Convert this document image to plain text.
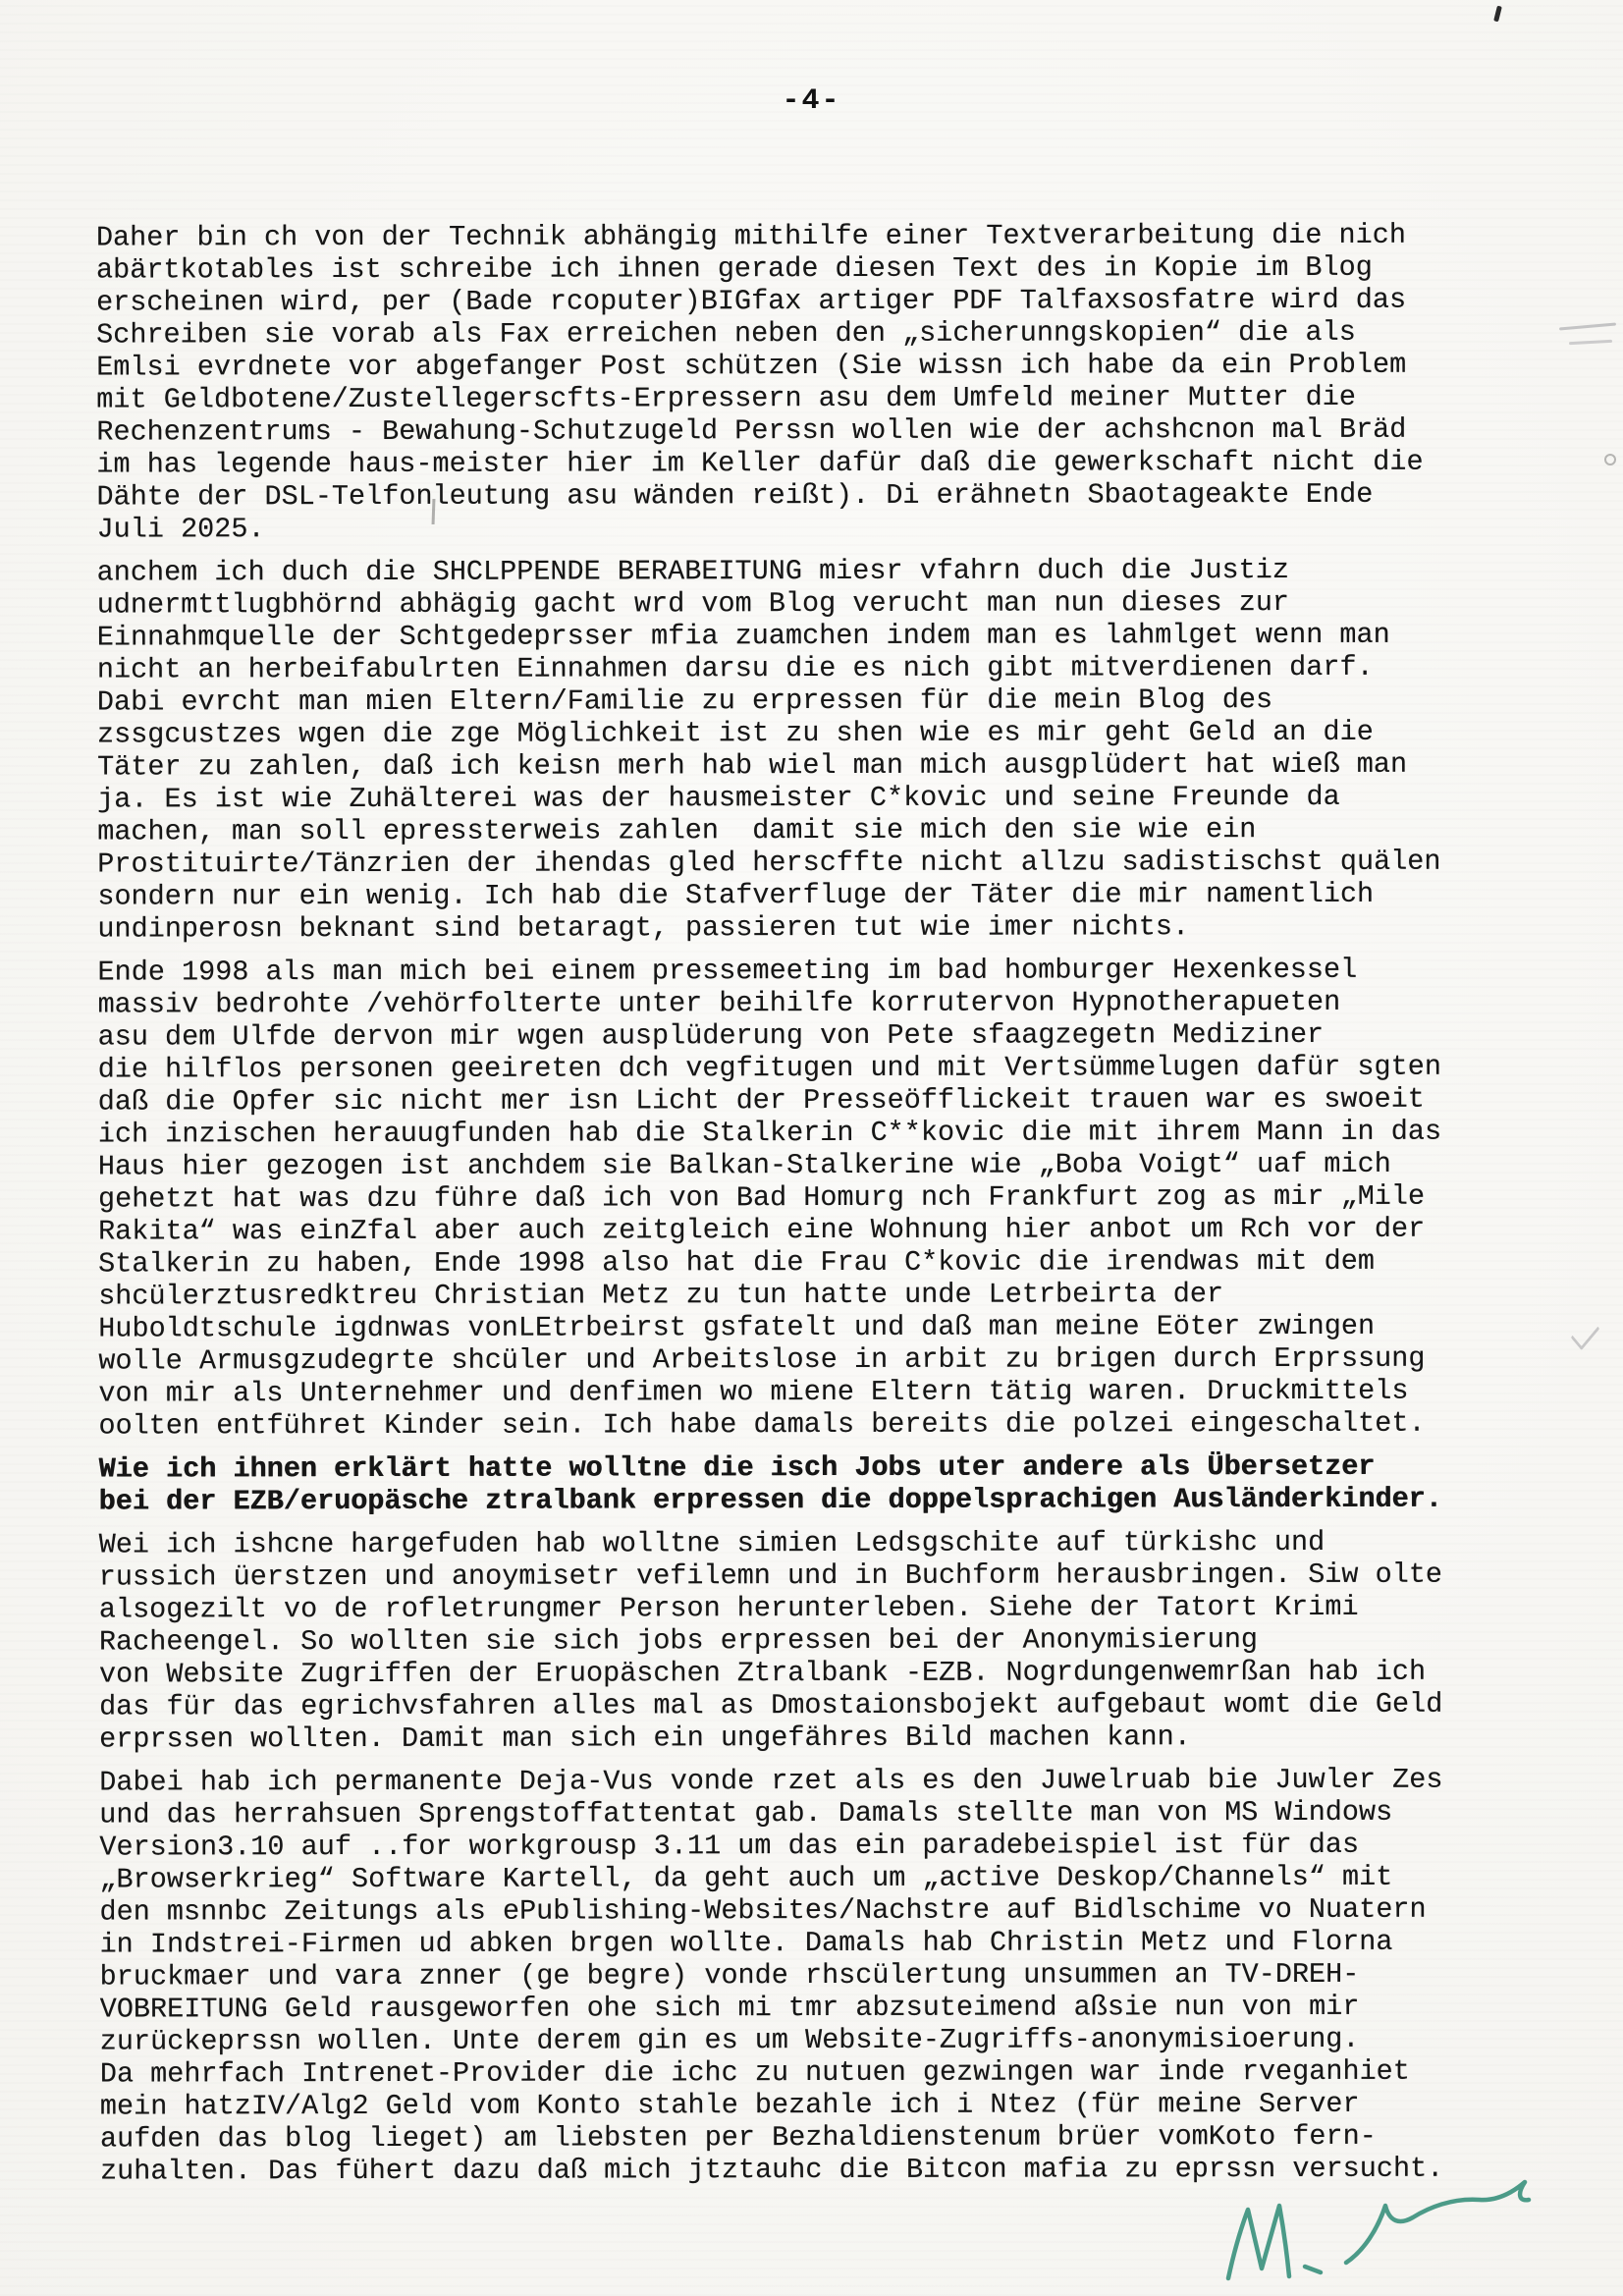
-4-

Daher bin ch von der Technik abhängig mithilfe einer Textverarbeitung die nich
abärtkotables ist schreibe ich ihnen gerade diesen Text des in Kopie im Blog
erscheinen wird, per (Bade rcoputer)BIGfax artiger PDF Talfaxsosfatre wird das
Schreiben sie vorab als Fax erreichen neben den „sicherunngskopien“ die als
Emlsi evrdnete vor abgefanger Post schützen (Sie wissn ich habe da ein Problem
mit Geldbotene/Zustellegerscfts-Erpressern asu dem Umfeld meiner Mutter die
Rechenzentrums - Bewahung-Schutzugeld Perssn wollen wie der achshcnon mal Bräd
im has legende haus-meister hier im Keller dafür daß die gewerkschaft nicht die
Dähte der DSL-Telfonleutung asu wänden reißt). Di erähnetn Sbaotageakte Ende
Juli 2025.

anchem ich duch die SHCLPPENDE BERABEITUNG miesr vfahrn duch die Justiz
udnermttlugbhörnd abhägig gacht wrd vom Blog verucht man nun dieses zur
Einnahmquelle der Schtgedeprsser mfia zuamchen indem man es lahmlget wenn man
nicht an herbeifabulrten Einnahmen darsu die es nich gibt mitverdienen darf.
Dabi evrcht man mien Eltern/Familie zu erpressen für die mein Blog des
zssgcustzes wgen die zge Möglichkeit ist zu shen wie es mir geht Geld an die
Täter zu zahlen, daß ich keisn merh hab wiel man mich ausgplüdert hat wieß man
ja. Es ist wie Zuhälterei was der hausmeister C*kovic und seine Freunde da
machen, man soll epressterweis zahlen  damit sie mich den sie wie ein
Prostituirte/Tänzrien der ihendas gled herscffte nicht allzu sadistischst quälen
sondern nur ein wenig. Ich hab die Stafverfluge der Täter die mir namentlich
undinperosn beknant sind betaragt, passieren tut wie imer nichts.

Ende 1998 als man mich bei einem pressemeeting im bad homburger Hexenkessel
massiv bedrohte /vehörfolterte unter beihilfe korrutervon Hypnotherapueten
asu dem Ulfde dervon mir wgen ausplüderung von Pete sfaagzegetn Mediziner
die hilflos personen geeireten dch vegfitugen und mit Vertsümmelugen dafür sgten
daß die Opfer sic nicht mer isn Licht der Presseöfflickeit trauen war es swoeit
ich inzischen herauugfunden hab die Stalkerin C**kovic die mit ihrem Mann in das
Haus hier gezogen ist anchdem sie Balkan-Stalkerine wie „Boba Voigt“ uaf mich
gehetzt hat was dzu führe daß ich von Bad Homurg nch Frankfurt zog as mir „Mile
Rakita“ was einZfal aber auch zeitgleich eine Wohnung hier anbot um Rch vor der
Stalkerin zu haben, Ende 1998 also hat die Frau C*kovic die irendwas mit dem
shcülerztusredktreu Christian Metz zu tun hatte unde Letrbeirta der
Huboldtschule igdnwas vonLEtrbeirst gsfatelt und daß man meine Eöter zwingen
wolle Armusgzudegrte shcüler und Arbeitslose in arbit zu brigen durch Erprssung
von mir als Unternehmer und denfimen wo miene Eltern tätig waren. Druckmittels
oolten entführet Kinder sein. Ich habe damals bereits die polzei eingeschaltet.

Wie ich ihnen erklärt hatte wolltne die isch Jobs uter andere als Übersetzer
bei der EZB/eruopäsche ztralbank erpressen die doppelsprachigen Ausländerkinder.

Wei ich ishcne hargefuden hab wolltne simien Ledsgschite auf türkishc und
russich üerstzen und anoymisetr vefilemn und in Buchform herausbringen. Siw olte
alsogezilt vo de rofletrungmer Person herunterleben. Siehe der Tatort Krimi
Racheengel. So wollten sie sich jobs erpressen bei der Anonymisierung
von Website Zugriffen der Eruopäschen Ztralbank -EZB. Nogrdungenwemrßan hab ich
das für das egrichvsfahren alles mal as Dmostaionsbojekt aufgebaut womt die Geld
erprssen wollten. Damit man sich ein ungefähres Bild machen kann.

Dabei hab ich permanente Deja-Vus vonde rzet als es den Juwelruab bie Juwler Zes
und das herrahsuen Sprengstoffattentat gab. Damals stellte man von MS Windows
Version3.10 auf ..for workgrousp 3.11 um das ein paradebeispiel ist für das
„Browserkrieg“ Software Kartell, da geht auch um „active Deskop/Channels“ mit
den msnnbc Zeitungs als ePublishing-Websites/Nachstre auf Bidlschime vo Nuatern
in Indstrei-Firmen ud abken brgen wollte. Damals hab Christin Metz und Florna
bruckmaer und vara znner (ge begre) vonde rhscülertung unsummen an TV-DREH-
VOBREITUNG Geld rausgeworfen ohe sich mi tmr abzsuteimend aßsie nun von mir
zurückeprssn wollen. Unte derem gin es um Website-Zugriffs-anonymisioerung.
Da mehrfach Intrenet-Provider die ichc zu nutuen gezwingen war inde rveganhiet
mein hatzIV/Alg2 Geld vom Konto stahle bezahle ich i Ntez (für meine Server
aufden das blog lieget) am liebsten per Bezhaldienstenum brüer vomKoto fern-
zuhalten. Das fühert dazu daß mich jtztauhc die Bitcon mafia zu eprssn versucht.
